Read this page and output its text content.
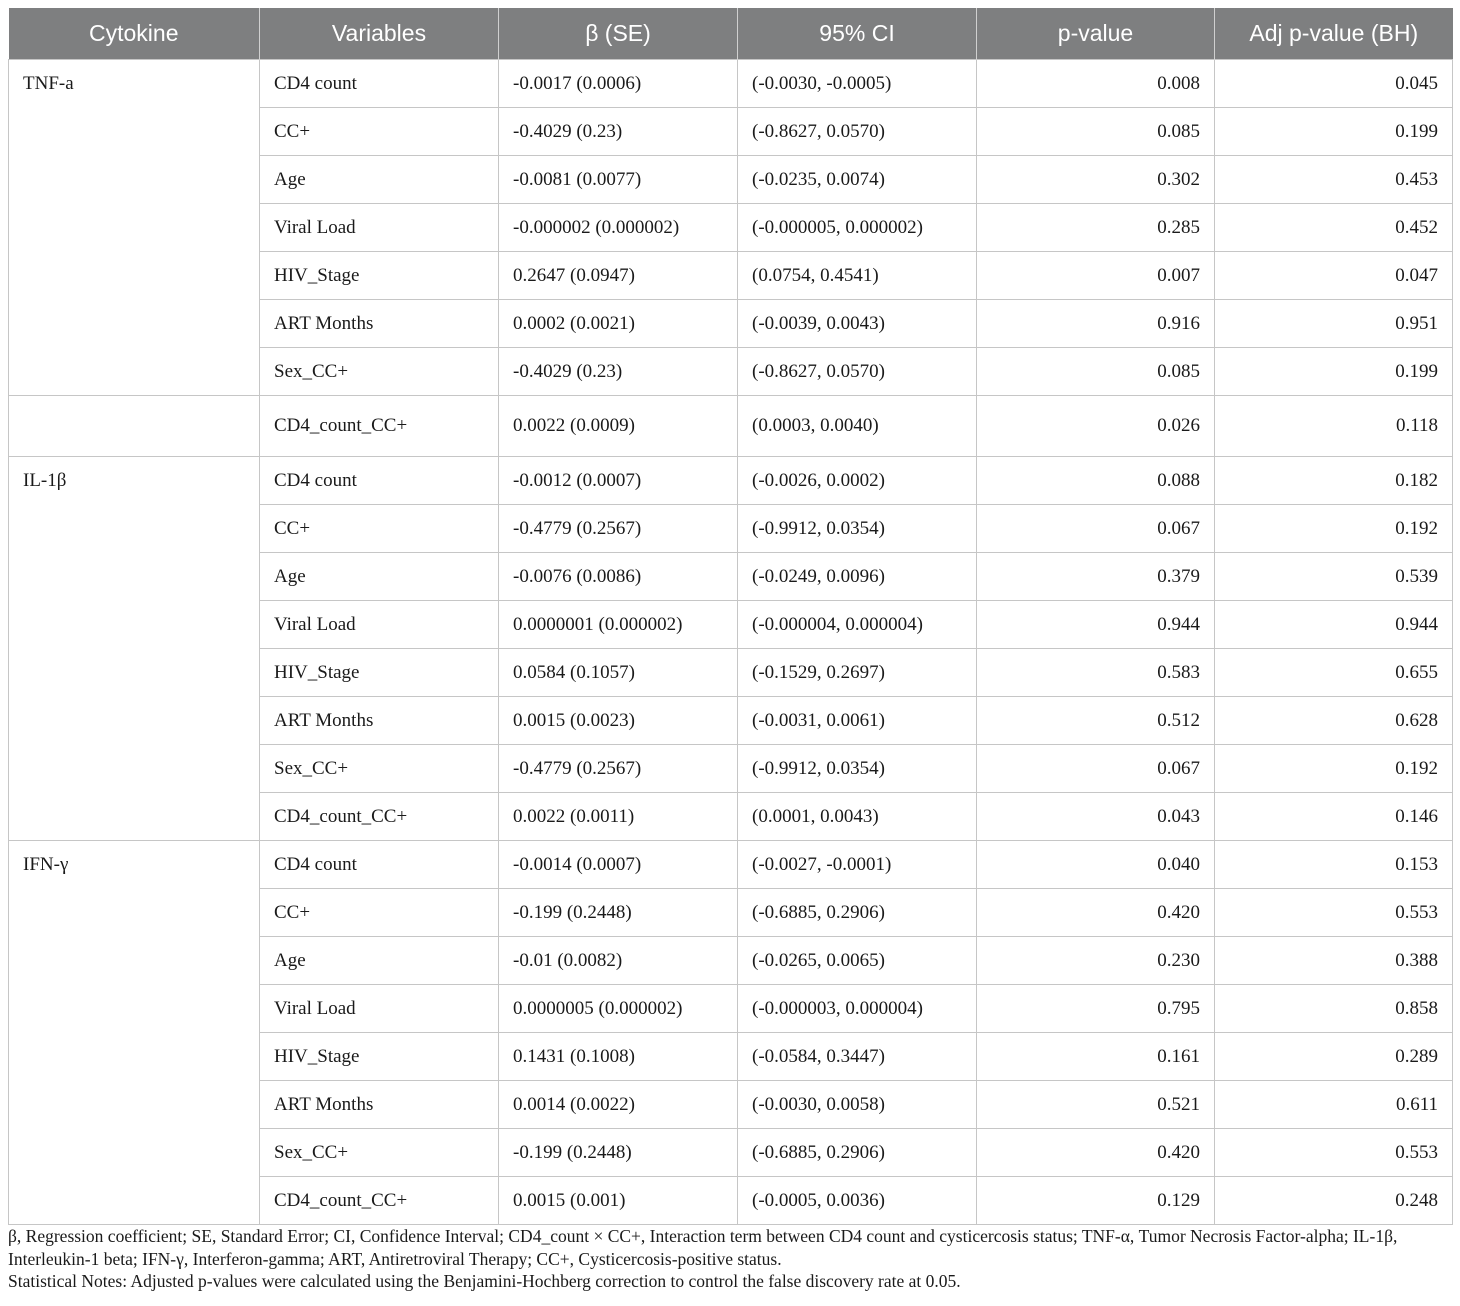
Cytokine	Variables	β (SE)	95% CI	p-value	Adj p-value (BH)
TNF-a	CD4 count	-0.0017 (0.0006)	(-0.0030, -0.0005)	0.008	0.045
	CC+	-0.4029 (0.23)	(-0.8627, 0.0570)	0.085	0.199
	Age	-0.0081 (0.0077)	(-0.0235, 0.0074)	0.302	0.453
	Viral Load	-0.000002 (0.000002)	(-0.000005, 0.000002)	0.285	0.452
	HIV_Stage	0.2647 (0.0947)	(0.0754, 0.4541)	0.007	0.047
	ART Months	0.0002 (0.0021)	(-0.0039, 0.0043)	0.916	0.951
	Sex_CC+	-0.4029 (0.23)	(-0.8627, 0.0570)	0.085	0.199
	CD4_count_CC+	0.0022 (0.0009)	(0.0003, 0.0040)	0.026	0.118
IL-1β	CD4 count	-0.0012 (0.0007)	(-0.0026, 0.0002)	0.088	0.182
	CC+	-0.4779 (0.2567)	(-0.9912, 0.0354)	0.067	0.192
	Age	-0.0076 (0.0086)	(-0.0249, 0.0096)	0.379	0.539
	Viral Load	0.0000001 (0.000002)	(-0.000004, 0.000004)	0.944	0.944
	HIV_Stage	0.0584 (0.1057)	(-0.1529, 0.2697)	0.583	0.655
	ART Months	0.0015 (0.0023)	(-0.0031, 0.0061)	0.512	0.628
	Sex_CC+	-0.4779 (0.2567)	(-0.9912, 0.0354)	0.067	0.192
	CD4_count_CC+	0.0022 (0.0011)	(0.0001, 0.0043)	0.043	0.146
IFN-γ	CD4 count	-0.0014 (0.0007)	(-0.0027, -0.0001)	0.040	0.153
	CC+	-0.199 (0.2448)	(-0.6885, 0.2906)	0.420	0.553
	Age	-0.01 (0.0082)	(-0.0265, 0.0065)	0.230	0.388
	Viral Load	0.0000005 (0.000002)	(-0.000003, 0.000004)	0.795	0.858
	HIV_Stage	0.1431 (0.1008)	(-0.0584, 0.3447)	0.161	0.289
	ART Months	0.0014 (0.0022)	(-0.0030, 0.0058)	0.521	0.611
	Sex_CC+	-0.199 (0.2448)	(-0.6885, 0.2906)	0.420	0.553
	CD4_count_CC+	0.0015 (0.001)	(-0.0005, 0.0036)	0.129	0.248

β, Regression coefficient; SE, Standard Error; CI, Confidence Interval; CD4_count × CC+, Interaction term between CD4 count and cysticercosis status; TNF-α, Tumor Necrosis Factor-alpha; IL-1β, Interleukin-1 beta; IFN-γ, Interferon-gamma; ART, Antiretroviral Therapy; CC+, Cysticercosis-positive status.

Statistical Notes: Adjusted p-values were calculated using the Benjamini-Hochberg correction to control the false discovery rate at 0.05.
